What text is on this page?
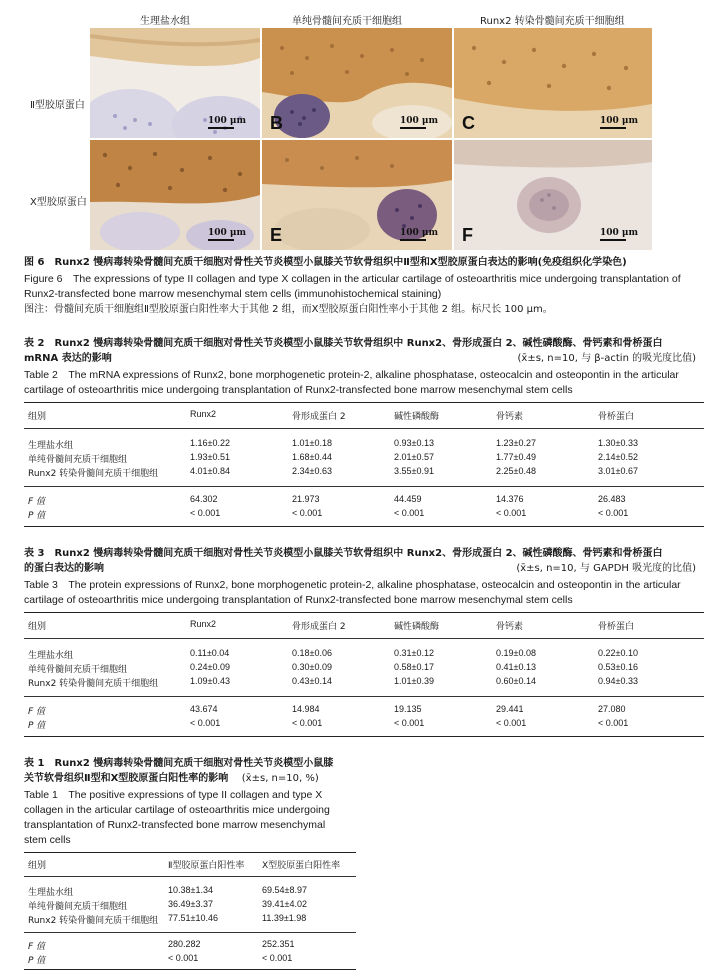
生理盐水组	单纯骨髓间充质干细胞组	Runx2 转染骨髓间充质干细胞组
Ⅱ型胶原蛋白
Ⅹ型胶原蛋白
100 μm B	100 μm C	100 μm
100 μm E	100 μm F	100 μm
图 6　Runx2 慢病毒转染骨髓间充质干细胞对骨性关节炎模型小鼠膝关节软骨组织中Ⅱ型和Ⅹ型胶原蛋白表达的影响(免疫组织化学染色)
Figure 6　The expressions of type II collagen and type X collagen in the articular cartilage of osteoarthritis mice undergoing transplantation of
Runx2-transfected bone marrow mesenchymal stem cells (immunohistochemical staining)
图注：骨髓间充质干细胞组Ⅱ型胶原蛋白阳性率大于其他 2 组，而Ⅹ型胶原蛋白阳性率小于其他 2 组。标尺长 100 μm。
表 2　Runx2 慢病毒转染骨髓间充质干细胞对骨性关节炎模型小鼠膝关节软骨组织中 Runx2、骨形成蛋白 2、碱性磷酸酶、骨钙素和骨桥蛋白
mRNA 表达的影响	(x̄±s, n=10, 与 β-actin 的吸光度比值)
Table 2　The mRNA expressions of Runx2, bone morphogenetic protein-2, alkaline phosphatase, osteocalcin and osteopontin in the articular
cartilage of osteoarthritis mice undergoing transplantation of Runx2-transfected bone marrow mesenchymal stem cells
组别	Runx2	骨形成蛋白 2	碱性磷酸酶	骨钙素	骨桥蛋白
生理盐水组	1.16±0.22	1.01±0.18	0.93±0.13	1.23±0.27	1.30±0.33
单纯骨髓间充质干细胞组	1.93±0.51	1.68±0.44	2.01±0.57	1.77±0.49	2.14±0.52
Runx2 转染骨髓间充质干细胞组	4.01±0.84	2.34±0.63	3.55±0.91	2.25±0.48	3.01±0.67
F 值	64.302	21.973	44.459	14.376	26.483
P 值	< 0.001	< 0.001	< 0.001	< 0.001	< 0.001
表 3　Runx2 慢病毒转染骨髓间充质干细胞对骨性关节炎模型小鼠膝关节软骨组织中 Runx2、骨形成蛋白 2、碱性磷酸酶、骨钙素和骨桥蛋白
的蛋白表达的影响	(x̄±s, n=10, 与 GAPDH 吸光度的比值)
Table 3　The protein expressions of Runx2, bone morphogenetic protein-2, alkaline phosphatase, osteocalcin and osteopontin in the articular
cartilage of osteoarthritis mice undergoing transplantation of Runx2-transfected bone marrow mesenchymal stem cells
组别	Runx2	骨形成蛋白 2	碱性磷酸酶	骨钙素	骨桥蛋白
生理盐水组	0.11±0.04	0.18±0.06	0.31±0.12	0.19±0.08	0.22±0.10
单纯骨髓间充质干细胞组	0.24±0.09	0.30±0.09	0.58±0.17	0.41±0.13	0.53±0.16
Runx2 转染骨髓间充质干细胞组	1.09±0.43	0.43±0.14	1.01±0.39	0.60±0.14	0.94±0.33
F 值	43.674	14.984	19.135	29.441	27.080
P 值	< 0.001	< 0.001	< 0.001	< 0.001	< 0.001
表 1　Runx2 慢病毒转染骨髓间充质干细胞对骨性关节炎模型小鼠膝
关节软骨组织Ⅱ型和Ⅹ型胶原蛋白阳性率的影响 (x̄±s, n=10, %)
Table 1　The positive expressions of type II collagen and type X
collagen in the articular cartilage of osteoarthritis mice undergoing
transplantation of Runx2-transfected bone marrow mesenchymal
stem cells
组别	Ⅱ型胶原蛋白阳性率 Ⅹ型胶原蛋白阳性率
生理盐水组	10.38±1.34	69.54±8.97
单纯骨髓间充质干细胞组	36.49±3.37	39.41±4.02
Runx2 转染骨髓间充质干细胞组 77.51±10.46	11.39±1.98
F 值	280.282	252.351
P 值	< 0.001	< 0.001
